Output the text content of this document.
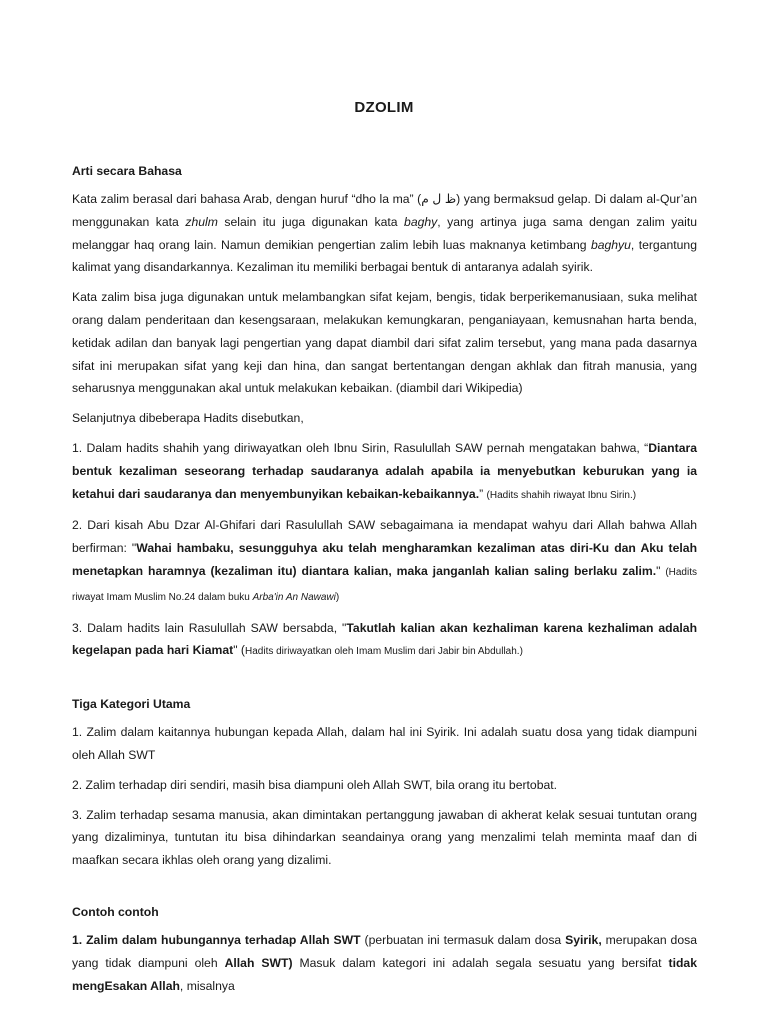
DZOLIM
Arti secara Bahasa

Kata zalim berasal dari bahasa Arab, dengan huruf “dho la ma” (ظ ل م) yang bermaksud gelap. Di dalam al-Qur’an menggunakan kata zhulm selain itu juga digunakan kata baghy, yang artinya juga sama dengan zalim yaitu melanggar haq orang lain. Namun demikian pengertian zalim lebih luas maknanya ketimbang baghyu, tergantung kalimat yang disandarkannya. Kezaliman itu memiliki berbagai bentuk di antaranya adalah syirik.

Kata zalim bisa juga digunakan untuk melambangkan sifat kejam, bengis, tidak berperikemanusiaan, suka melihat orang dalam penderitaan dan kesengsaraan, melakukan kemungkaran, penganiayaan, kemusnahan harta benda, ketidak adilan dan banyak lagi pengertian yang dapat diambil dari sifat zalim tersebut, yang mana pada dasarnya sifat ini merupakan sifat yang keji dan hina, dan sangat bertentangan dengan akhlak dan fitrah manusia, yang seharusnya menggunakan akal untuk melakukan kebaikan. (diambil dari Wikipedia)

Selanjutnya dibeberapa Hadits disebutkan,

1. Dalam hadits shahih yang diriwayatkan oleh Ibnu Sirin, Rasulullah SAW pernah mengatakan bahwa, “Diantara bentuk kezaliman seseorang terhadap saudaranya adalah apabila ia menyebutkan keburukan yang ia ketahui dari saudaranya dan menyembunyikan kebaikan-kebaikannya.” (Hadits shahih riwayat Ibnu Sirin.)

2. Dari kisah Abu Dzar Al-Ghifari dari Rasulullah SAW sebagaimana ia mendapat wahyu dari Allah bahwa Allah berfirman: "Wahai hambaku, sesungguhya aku telah mengharamkan kezaliman atas diri-Ku dan Aku telah menetapkan haramnya (kezaliman itu) diantara kalian, maka janganlah kalian saling berlaku zalim." (Hadits riwayat Imam Muslim No.24 dalam buku Arba'in An Nawawi)

3. Dalam hadits lain Rasulullah SAW bersabda, "Takutlah kalian akan kezhaliman karena kezhaliman adalah kegelapan pada hari Kiamat" (Hadits diriwayatkan oleh Imam Muslim dari Jabir bin Abdullah.)

Tiga Kategori Utama

1. Zalim dalam kaitannya hubungan kepada Allah, dalam hal ini Syirik. Ini adalah suatu dosa yang tidak diampuni oleh Allah SWT

2. Zalim terhadap diri sendiri, masih bisa diampuni oleh Allah SWT, bila orang itu bertobat.

3. Zalim terhadap sesama manusia, akan dimintakan pertanggung jawaban di akherat kelak sesuai tuntutan orang yang dizaliminya, tuntutan itu bisa dihindarkan seandainya orang yang menzalimi telah meminta maaf dan di maafkan secara ikhlas oleh orang yang dizalimi.

Contoh contoh

1. Zalim dalam hubungannya terhadap Allah SWT (perbuatan ini termasuk dalam dosa Syirik, merupakan dosa yang tidak diampuni oleh Allah SWT) Masuk dalam kategori ini adalah segala sesuatu yang bersifat tidak mengEsakan Allah, misalnya
